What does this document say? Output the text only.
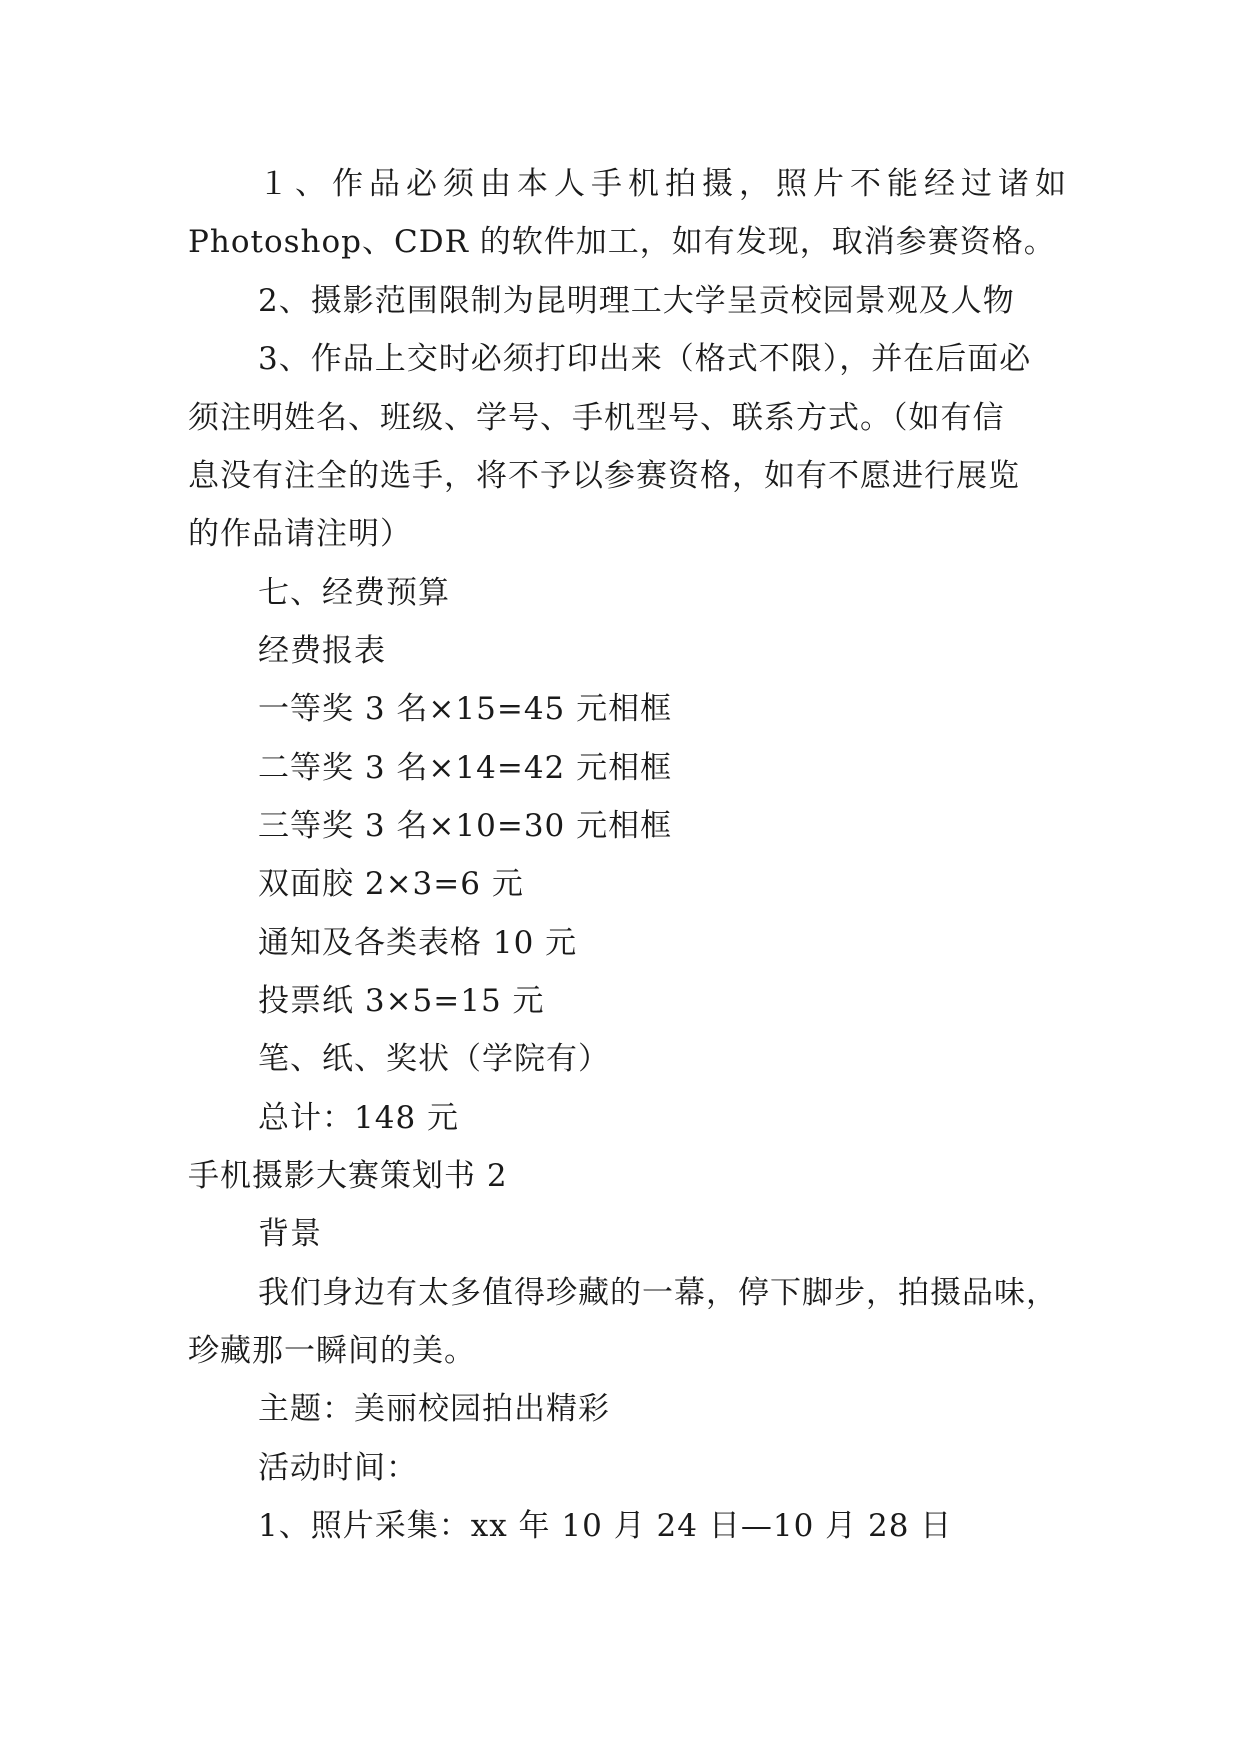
１、作品必须由本人手机拍摄，照片不能经过诸如
Photoshop、CDR 的软件加工，如有发现，取消参赛资格。
2、摄影范围限制为昆明理工大学呈贡校园景观及人物
3、作品上交时必须打印出来（格式不限），并在后面必
须注明姓名、班级、学号、手机型号、联系方式。（如有信
息没有注全的选手，将不予以参赛资格，如有不愿进行展览
的作品请注明）
七、经费预算
经费报表
一等奖 3 名×15=45 元相框
二等奖 3 名×14=42 元相框
三等奖 3 名×10=30 元相框
双面胶 2×3=6 元
通知及各类表格 10 元
投票纸 3×5=15 元
笔、纸、奖状（学院有）
总计：148 元
手机摄影大赛策划书 2
背景
我们身边有太多值得珍藏的一幕，停下脚步，拍摄品味，
珍藏那一瞬间的美。
主题：美丽校园拍出精彩
活动时间：
1、照片采集：xx 年 10 月 24 日—10 月 28 日
